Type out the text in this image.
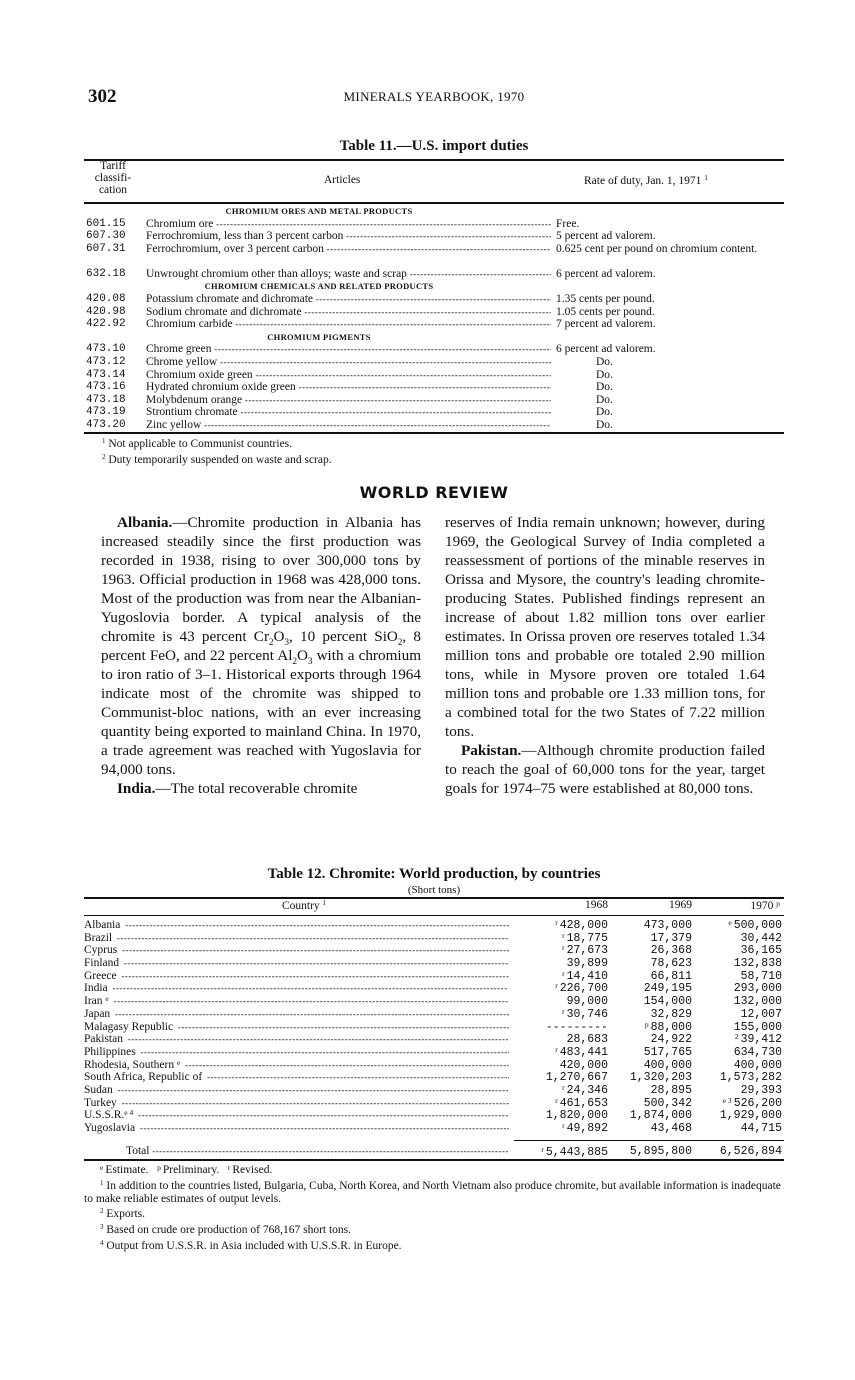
302	MINERALS YEARBOOK, 1970
Table 11.—U.S. import duties
Tariff
classifi-
cation
Articles	Rate of duty, Jan. 1, 1971 $^1$
CHROMIUM ORES AND METAL PRODUCTS
601.15 Chromium ore -----	Free.
607.30 Ferrochromium, less than 3 percent carbon -----	5 percent ad valorem.
607.31 Ferrochromium, over 3 percent carbon -----	0.625 cent per pound on chromium content.
632.18 Unwrought chromium other than alloys; waste and scrap -----	6 percent ad valorem.
CHROMIUM CHEMICALS AND RELATED PRODUCTS
420.08 Potassium chromate and dichromate -----	1.35 cents per pound.
420.98 Sodium chromate and dichromate -----	1.05 cents per pound.
422.92 Chromium carbide -----	7 percent ad valorem.
CHROMIUM PIGMENTS
473.10 Chrome green -----	6 percent ad valorem.
473.12 Chrome yellow -----	Do.
473.14 Chromium oxide green -----	Do.
473.16 Hydrated chromium oxide green -----	Do.
473.18 Molybdenum orange -----	Do.
473.19 Strontium chromate -----	Do.
473.20 Zinc yellow -----	Do.
$^1$ Not applicable to Communist countries.
$^2$ Duty temporarily suspended on waste and scrap.
WORLD REVIEW

Albania.—Chromite production in Albania has increased steadily since the first production was recorded in 1938, rising to over 300,000 tons by 1963. Official production in 1968 was 428,000 tons. Most of the production was from near the Albanian-Yugoslovia border. A typical analysis of the chromite is 43 percent $Cr_2O_3$, 10 percent SiO$_2$, 8 percent FeO, and 22 percent $Al_2O_3$ with a chromium to iron ratio of 3–1. Historical exports through 1964 indicate most of the chromite was shipped to Communist-bloc nations, with an ever increasing quantity being exported to mainland China. In 1970, a trade agreement was reached with Yugoslavia for 94,000 tons.

India.—The total recoverable chromite

reserves of India remain unknown; however, during 1969, the Geological Survey of India completed a reassessment of portions of the minable reserves in Orissa and Mysore, the country's leading chromite-producing States. Published findings represent an increase of about 1.82 million tons over earlier estimates. In Orissa proven ore reserves totaled 1.34 million tons and probable ore totaled 2.90 million tons, while in Mysore proven ore totaled 1.64 million tons and probable ore 1.33 million tons, for a combined total for the two States of 7.22 million tons.

Pakistan.—Although chromite production failed to reach the goal of 60,000 tons for the year, target goals for 1974–75 were established at 80,000 tons.

Table 12. Chromite: World production, by countries
(Short tons)
Country $^1$	1968	1969	1970 $^p$
Albania -----	$^r$ 428,000	473,000	$^e$ 500,000
Brazil -----	$^r$ 18,775	17,379	30,442
Cyprus -----	$^r$ 27,673	26,368	36,165
Finland -----	39,899	78,623	132,838
Greece -----	$^r$ 14,410	66,811	58,710
India -----	$^r$ 226,700	249,195	293,000
Iran $^e$ -----	99,000	154,000	132,000
Japan -----	$^r$ 30,746	32,829	12,007
Malagasy Republic -----	---------	$^p$ 88,000	155,000
Pakistan -----	28,683	24,922	$^2$ 39,412
Philippines -----	$^r$ 483,441	517,765	634,730
Rhodesia, Southern $^e$ -----	420,000	400,000	400,000
South Africa, Republic of -----	1,270,667	1,320,203	1,573,282
Sudan -----	$^r$ 24,346	28,895	29,393
Turkey -----	$^r$ 461,653	500,342	$^{e 3}$ 526,200
U.S.S.R.$^{e 4}$ -----	1,820,000	1,874,000	1,929,000
Yugoslavia -----	$^r$ 49,892	43,468	44,715
Total -----	$^r$ 5,443,885	5,895,800	6,526,894
$^e$ Estimate. $^p$ Preliminary. $^r$ Revised.
$^1$ In addition to the countries listed, Bulgaria, Cuba, North Korea, and North Vietnam also produce chromite, but available information is inadequate to make reliable estimates of output levels.
$^2$ Exports.
$^3$ Based on crude ore production of 768,167 short tons.
$^4$ Output from U.S.S.R. in Asia included with U.S.S.R. in Europe.
